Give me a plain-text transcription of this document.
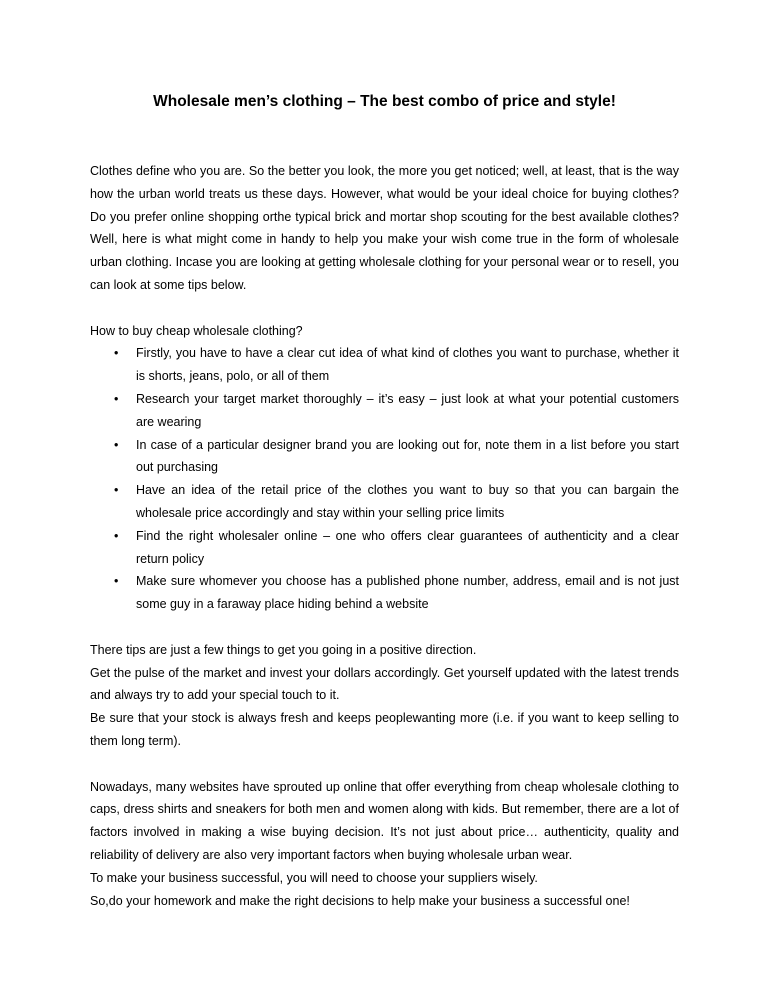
Wholesale men’s clothing – The best combo of price and style!

Clothes define who you are. So the better you look, the more you get noticed; well, at least, that is the way how the urban world treats us these days. However, what would be your ideal choice for buying clothes? Do you prefer online shopping orthe typical brick and mortar shop scouting for the best available clothes? Well, here is what might come in handy to help you make your wish come true in the form of wholesale urban clothing. Incase you are looking at getting wholesale clothing for your personal wear or to resell, you can look at some tips below.

How to buy cheap wholesale clothing?

• Firstly, you have to have a clear cut idea of what kind of clothes you want to purchase, whether it is shorts, jeans, polo, or all of them
• Research your target market thoroughly – it’s easy – just look at what your potential customers are wearing
• In case of a particular designer brand you are looking out for, note them in a list before you start out purchasing
• Have an idea of the retail price of the clothes you want to buy so that you can bargain the wholesale price accordingly and stay within your selling price limits
• Find the right wholesaler online – one who offers clear guarantees of authenticity and a clear return policy
• Make sure whomever you choose has a published phone number, address, email and is not just some guy in a faraway place hiding behind a website

There tips are just a few things to get you going in a positive direction.

Get the pulse of the market and invest your dollars accordingly. Get yourself updated with the latest trends and always try to add your special touch to it.

Be sure that your stock is always fresh and keeps peoplewanting more (i.e. if you want to keep selling to them long term).

Nowadays, many websites have sprouted up online that offer everything from cheap wholesale clothing to caps, dress shirts and sneakers for both men and women along with kids. But remember, there are a lot of factors involved in making a wise buying decision. It’s not just about price… authenticity, quality and reliability of delivery are also very important factors when buying wholesale urban wear.

To make your business successful, you will need to choose your suppliers wisely.

So,do your homework and make the right decisions to help make your business a successful one!
